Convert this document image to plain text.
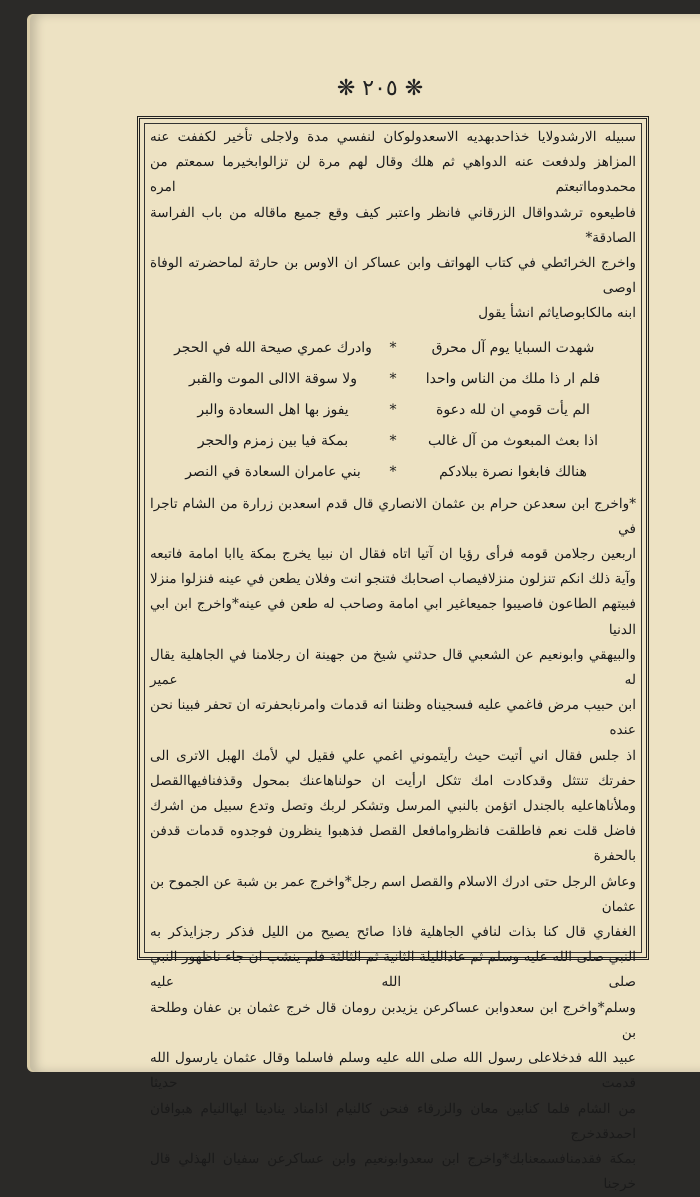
❋ ٢٠٥ ❋

سبيله الارشدولايا خذاحدبهديه الاسعدولوكان لنفسي مدة ولاجلى تأخير لكففت عنه

المزاهز ولدفعت عنه الدواهي ثم هلك وقال لهم مرة لن تزالوابخيرما سمعتم من محمدومااتبعتم امره

فاطيعوه ترشدواقال الزرقاني فانظر واعتبر كيف وقع جميع ماقاله من باب الفراسة الصادقة*

واخرج الخرائطي في كتاب الهواتف وابن عساكر ان الاوس بن حارثة لماحضرته الوفاة اوصى

ابنه مالكابوصاياثم انشأ يقول

شهدت السبايا يوم آل محرق
*
وادرك عمري صيحة الله في الحجر
فلم ار ذا ملك من الناس واحدا
*
ولا سوقة الاالى الموت والقبر
الم يأت قومي ان لله دعوة
*
يفوز بها اهل السعادة والبر
اذا بعث المبعوث من آل غالب
*
بمكة فيا بين زمزم والحجر
هنالك فابغوا نصرة ببلادكم
*
بني عامران السعادة في النصر

*واخرج ابن سعدعن حرام بن عثمان الانصاري قال قدم اسعدبن زرارة من الشام تاجرا في

اربعين رجلامن قومه فرأى رؤيا ان آتيا اتاه فقال ان نبيا يخرج بمكة ياابا امامة فاتبعه

وآية ذلك انكم تنزلون منزلافيصاب اصحابك فتنجو انت وفلان يطعن في عينه فنزلوا منزلا

فبيتهم الطاعون فاصيبوا جميعاغير ابي امامة وصاحب له طعن في عينه*واخرج ابن ابي الدنيا

والبيهقي وابونعيم عن الشعبي قال حدثني شيخ من جهينة ان رجلامنا في الجاهلية يقال له عمير

ابن حبيب مرض فاغمي عليه فسجيناه وظننا انه قدمات وامرنابحفرته ان تحفر فبينا نحن عنده

اذ جلس فقال اني أتيت حيث رأيتموني اغمي علي فقيل لي لأمك الهبل الاترى الى

حفرتك تنتثل وقدكادت امك تثكل ارأيت ان حولناهاعنك بمحول وقذفنافيهاالقصل

وملأناهاعليه بالجندل اتؤمن بالنبي المرسل وتشكر لربك وتصل وتدع سبيل من اشرك

فاضل قلت نعم فاطلقت فانظروامافعل القصل فذهبوا ينظرون فوجدوه قدمات قدفن بالحفرة

وعاش الرجل حتى ادرك الاسلام والقصل اسم رجل*واخرج عمر بن شبة عن الجموح بن عثمان

الغفاري قال كنا بذات لنافي الجاهلية فاذا صائح يصيح من الليل فذكر رجزايذكر به

النبي صلى الله عليه وسلم ثم عادالليلة الثانية ثم الثالثة فلم ينشب ان جاء ناظهور النبي صلى الله عليه

وسلم*واخرج ابن سعدوابن عساكرعن يزيدبن رومان قال خرج عثمان بن عفان وطلحة بن

عبيد الله فدخلاعلى رسول الله صلى الله عليه وسلم فاسلما وقال عثمان يارسول الله قدمت حديثا

من الشام فلما كنابين معان والزرقاء فنحن كالنيام اذامناد ينادينا ايهاالنيام هبوافان احمدقدخرج

بمكة فقدمنافسمعنابك*واخرج ابن سعدوابونعيم وابن عساكرعن سفيان الهذلي قال خرجنا
